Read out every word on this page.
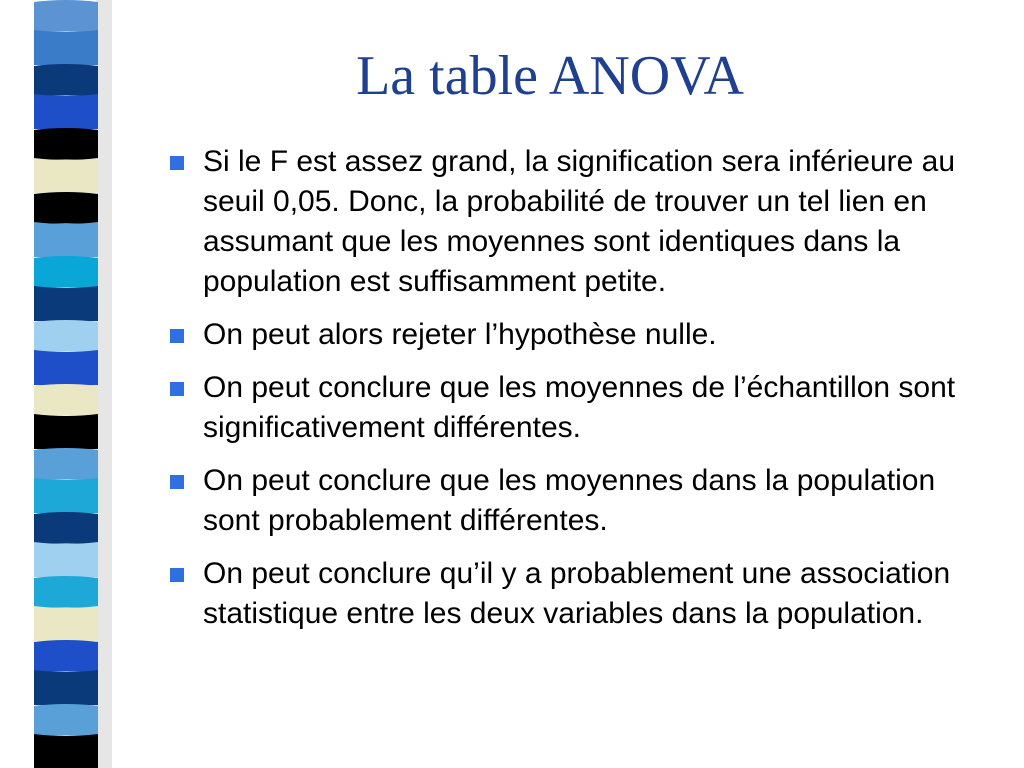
La table ANOVA
Si le F est assez grand, la signification sera inférieure au seuil 0,05. Donc, la probabilité de trouver un tel lien en assumant que les moyennes sont identiques dans la population est suffisamment petite.
On peut alors rejeter l’hypothèse nulle.
On peut conclure que les moyennes de l’échantillon sont significativement différentes.
On peut conclure que les moyennes dans la population sont probablement différentes.
On peut conclure qu’il y a probablement une association statistique entre les deux variables dans la population.
